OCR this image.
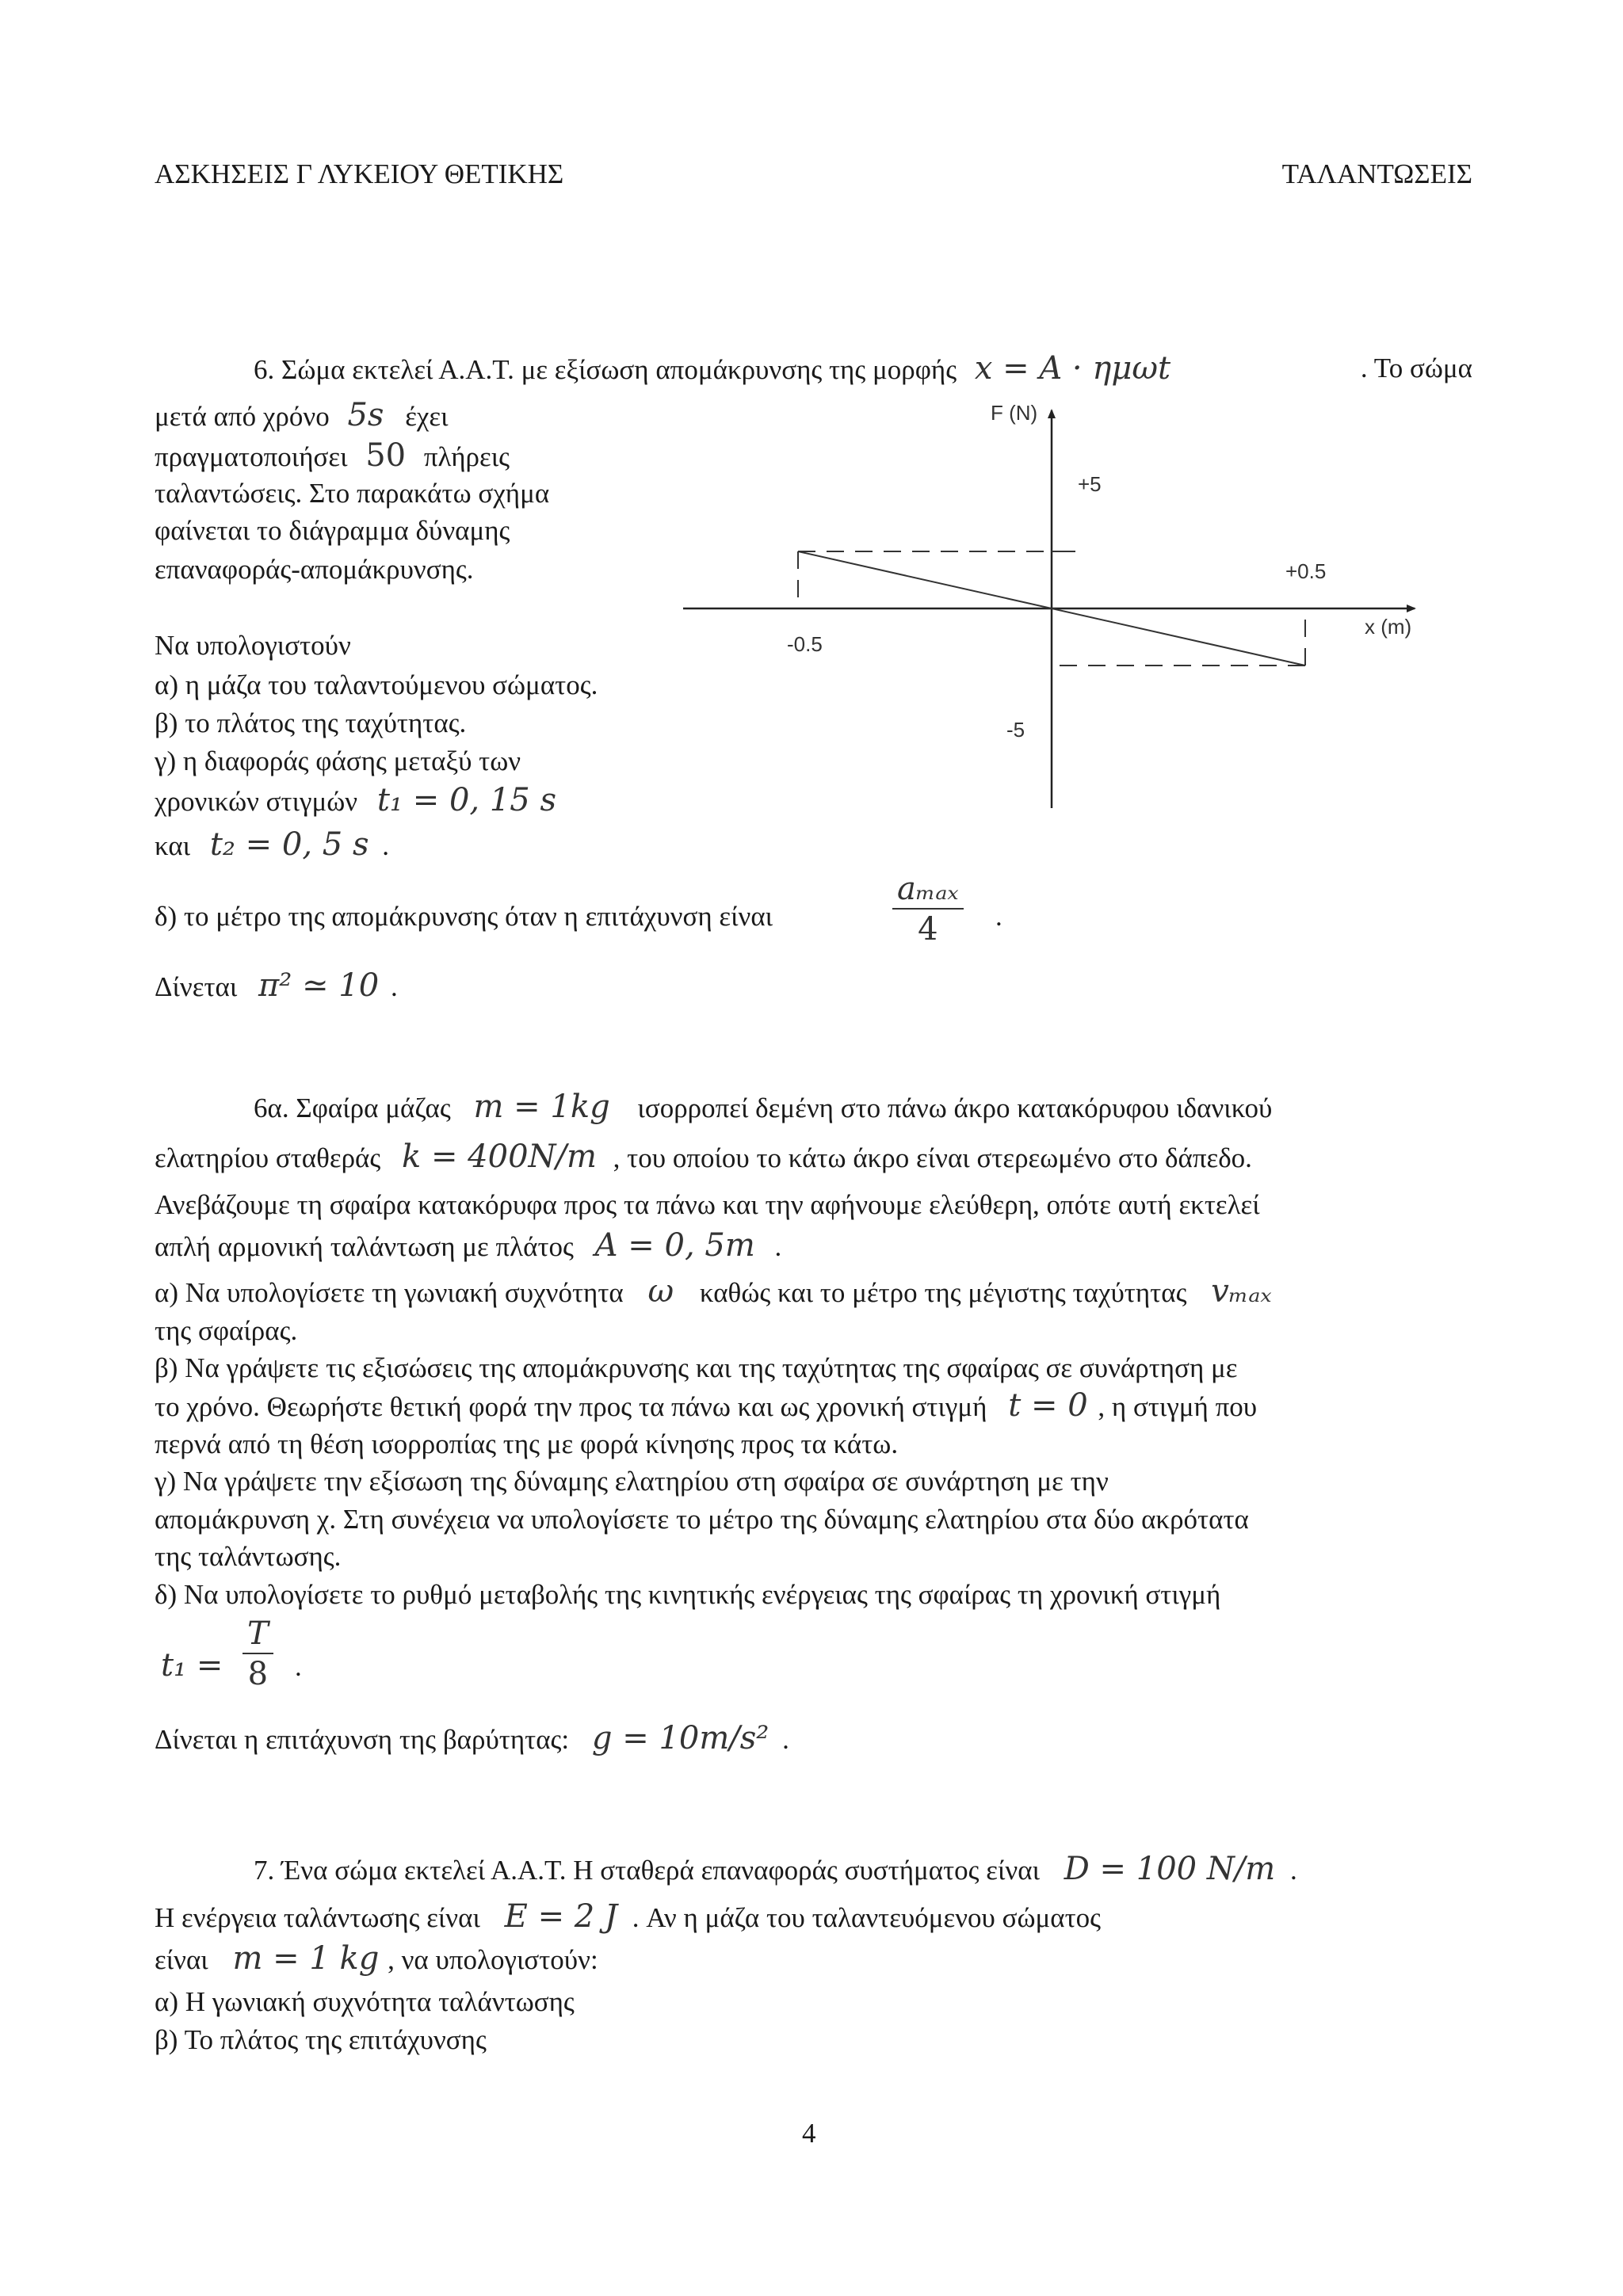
ΑΣΚΗΣΕΙΣ Γ ΛΥΚΕΙΟΥ ΘΕΤΙΚΗΣ	ΤΑΛΑΝΤΩΣΕΙΣ
6. Σώμα εκτελεί Α.Α.Τ. με εξίσωση απομάκρυνσης της μορφής x = A · ημωt	. Το σώμα
μετά από χρόνο 5s έχει
πραγματοποιήσει 50 πλήρεις
ταλαντώσεις. Στο παρακάτω σχήμα
φαίνεται το διάγραμμα δύναμης
επαναφοράς-απομάκρυνσης.
Να υπολογιστούν
α) η μάζα του ταλαντούμενου σώματος.
β) το πλάτος της ταχύτητας.
γ) η διαφοράς φάσης μεταξύ των
χρονικών στιγμών t₁ = 0, 15 s
και t₂ = 0, 5 s .
δ) το μέτρο της απομάκρυνσης όταν η επιτάχυνση είναι
aₘₐₓ
4	.
Δίνεται π² ≃ 10 .
F (N)
x (m)
-0.5
+0.5
+5
-5
6α. Σφαίρα μάζας m = 1kg ισορροπεί δεμένη στο πάνω άκρο κατακόρυφου ιδανικού
ελατηρίου σταθεράς k = 400N/m , του οποίου το κάτω άκρο είναι στερεωμένο στο δάπεδο.
Ανεβάζουμε τη σφαίρα κατακόρυφα προς τα πάνω και την αφήνουμε ελεύθερη, οπότε αυτή εκτελεί
απλή αρμονική ταλάντωση με πλάτος A = 0, 5m .
α) Να υπολογίσετε τη γωνιακή συχνότητα ω καθώς και το μέτρο της μέγιστης ταχύτητας vₘₐₓ
της σφαίρας.
β) Να γράψετε τις εξισώσεις της απομάκρυνσης και της ταχύτητας της σφαίρας σε συνάρτηση με
το χρόνο. Θεωρήστε θετική φορά την προς τα πάνω και ως χρονική στιγμή t = 0 , η στιγμή που
περνά από τη θέση ισορροπίας της με φορά κίνησης προς τα κάτω.
γ) Να γράψετε την εξίσωση της δύναμης ελατηρίου στη σφαίρα σε συνάρτηση με την
απομάκρυνση χ. Στη συνέχεια να υπολογίσετε το μέτρο της δύναμης ελατηρίου στα δύο ακρότατα
της ταλάντωσης.
δ) Να υπολογίσετε το ρυθμό μεταβολής της κινητικής ενέργειας της σφαίρας τη χρονική στιγμή
$t_1 = \frac{T}{8}$ .
Δίνεται η επιτάχυνση της βαρύτητας: g = 10m/s² .
7. Ένα σώμα εκτελεί Α.Α.Τ. Η σταθερά επαναφοράς συστήματος είναι D = 100 N/m .
Η ενέργεια ταλάντωσης είναι E = 2 J . Αν η μάζα του ταλαντευόμενου σώματος
είναι m = 1 kg , να υπολογιστούν:
α) Η γωνιακή συχνότητα ταλάντωσης
β) Το πλάτος της επιτάχυνσης
4
